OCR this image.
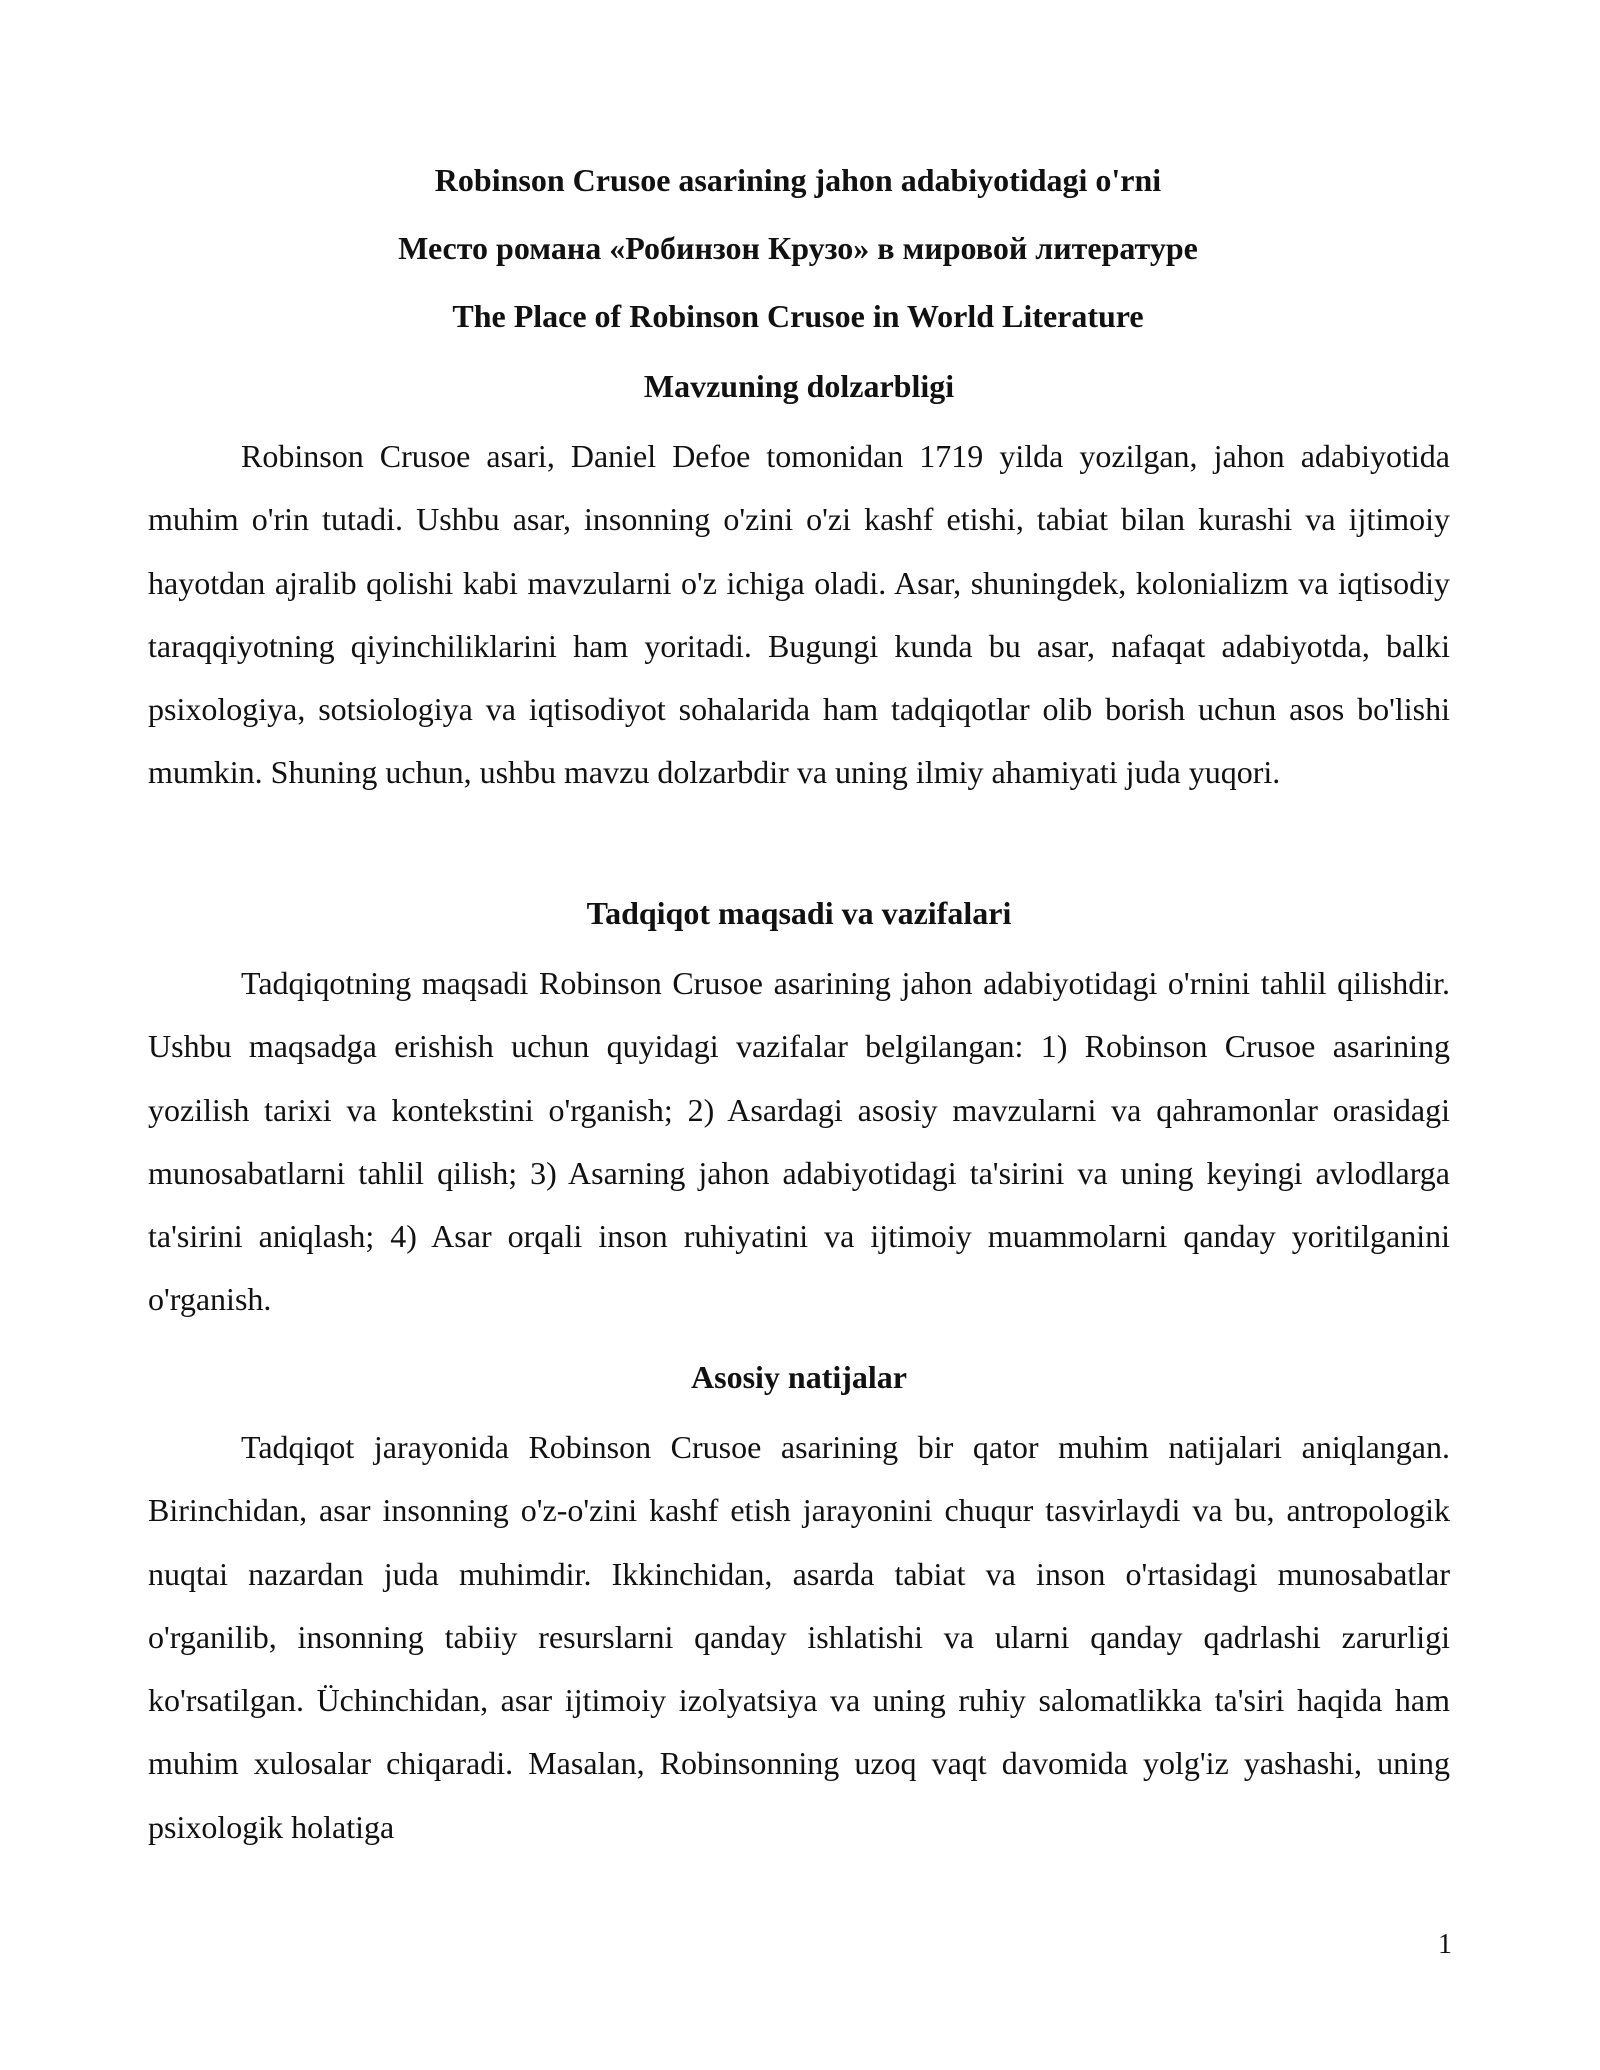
Robinson Crusoe asarining jahon adabiyotidagi o'rni

Место романа «Робинзон Крузо» в мировой литературе

The Place of Robinson Crusoe in World Literature

Mavzuning dolzarbligi

Robinson Crusoe asari, Daniel Defoe tomonidan 1719 yilda yozilgan, jahon adabiyotida muhim o'rin tutadi. Ushbu asar, insonning o'zini o'zi kashf etishi, tabiat bilan kurashi va ijtimoiy hayotdan ajralib qolishi kabi mavzularni o'z ichiga oladi. Asar, shuningdek, kolonializm va iqtisodiy taraqqiyotning qiyinchiliklarini ham yoritadi. Bugungi kunda bu asar, nafaqat adabiyotda, balki psixologiya, sotsiologiya va iqtisodiyot sohalarida ham tadqiqotlar olib borish uchun asos bo'lishi mumkin. Shuning uchun, ushbu mavzu dolzarbdir va uning ilmiy ahamiyati juda yuqori.

Tadqiqot maqsadi va vazifalari

Tadqiqotning maqsadi Robinson Crusoe asarining jahon adabiyotidagi o'rnini tahlil qilishdir. Ushbu maqsadga erishish uchun quyidagi vazifalar belgilangan: 1) Robinson Crusoe asarining yozilish tarixi va kontekstini o'rganish; 2) Asardagi asosiy mavzularni va qahramonlar orasidagi munosabatlarni tahlil qilish; 3) Asarning jahon adabiyotidagi ta'sirini va uning keyingi avlodlarga ta'sirini aniqlash; 4) Asar orqali inson ruhiyatini va ijtimoiy muammolarni qanday yoritilganini o'rganish.

Asosiy natijalar

Tadqiqot jarayonida Robinson Crusoe asarining bir qator muhim natijalari aniqlangan. Birinchidan, asar insonning o'z-o'zini kashf etish jarayonini chuqur tasvirlaydi va bu, antropologik nuqtai nazardan juda muhimdir. Ikkinchidan, asarda tabiat va inson o'rtasidagi munosabatlar o'rganilib, insonning tabiiy resurslarni qanday ishlatishi va ularni qanday qadrlashi zarurligi ko'rsatilgan. Üchinchidan, asar ijtimoiy izolyatsiya va uning ruhiy salomatlikka ta'siri haqida ham muhim xulosalar chiqaradi. Masalan, Robinsonning uzoq vaqt davomida yolg'iz yashashi, uning psixologik holatiga

1
